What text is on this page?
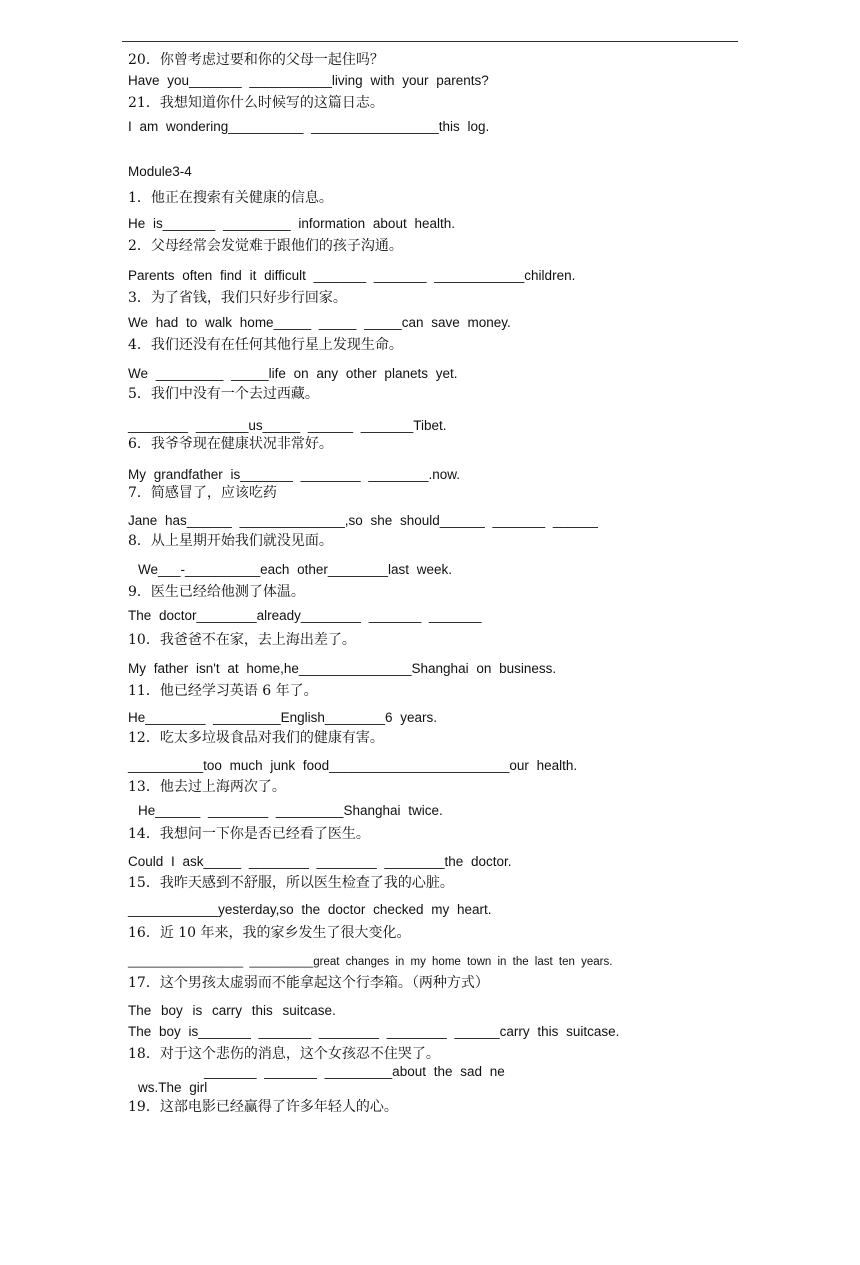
20．你曾考虑过要和你的父母一起住吗？
Have you_______ ___________living with your parents?
21．我想知道你什么时候写的这篇日志。
I am wondering__________ _________________this log.
Module3-4
1．他正在搜索有关健康的信息。
He is_______ _________ information about health.
2．父母经常会发觉难于跟他们的孩子沟通。
Parents often find it difficult _______ _______ ____________children.
3．为了省钱，我们只好步行回家。
We had to walk home_____ _____ _____can save money.
4．我们还没有在任何其他行星上发现生命。
We _________ _____life on any other planets yet.
5．我们中没有一个去过西藏。
________ _______us_____ ______ _______Tibet.
6．我爷爷现在健康状况非常好。
My grandfather is_______ ________ ________.now.
7．简感冒了，应该吃药
Jane has______ ______________,so she should______ _______ ______
8．从上星期开始我们就没见面。
We___-__________each other________last week.
9．医生已经给他测了体温。
The doctor________already________ _______ _______
10．我爸爸不在家，去上海出差了。
My father isn't at home,he_______________Shanghai on business.
11．他已经学习英语 6 年了。
He________ _________English________6 years.
12．吃太多垃圾食品对我们的健康有害。
__________too much junk food________________________our health.
13．他去过上海两次了。
He______ ________ _________Shanghai twice.
14．我想问一下你是否已经看了医生。
Could I ask_____ ________ ________ ________the doctor.
15．我昨天感到不舒服，所以医生检查了我的心脏。
____________yesterday,so the doctor checked my heart.
16．近 10 年来，我的家乡发生了很大变化。
__________________ __________great changes in my home town in the last ten years.
17．这个男孩太虚弱而不能拿起这个行李箱。（两种方式）
The boy is carry this suitcase.
The boy is_______ _______ ________ ________ ______carry this suitcase.
18．对于这个悲伤的消息，这个女孩忍不住哭了。
_______ _______ _________about the sad ne
ws.The girl
19．这部电影已经赢得了许多年轻人的心。
